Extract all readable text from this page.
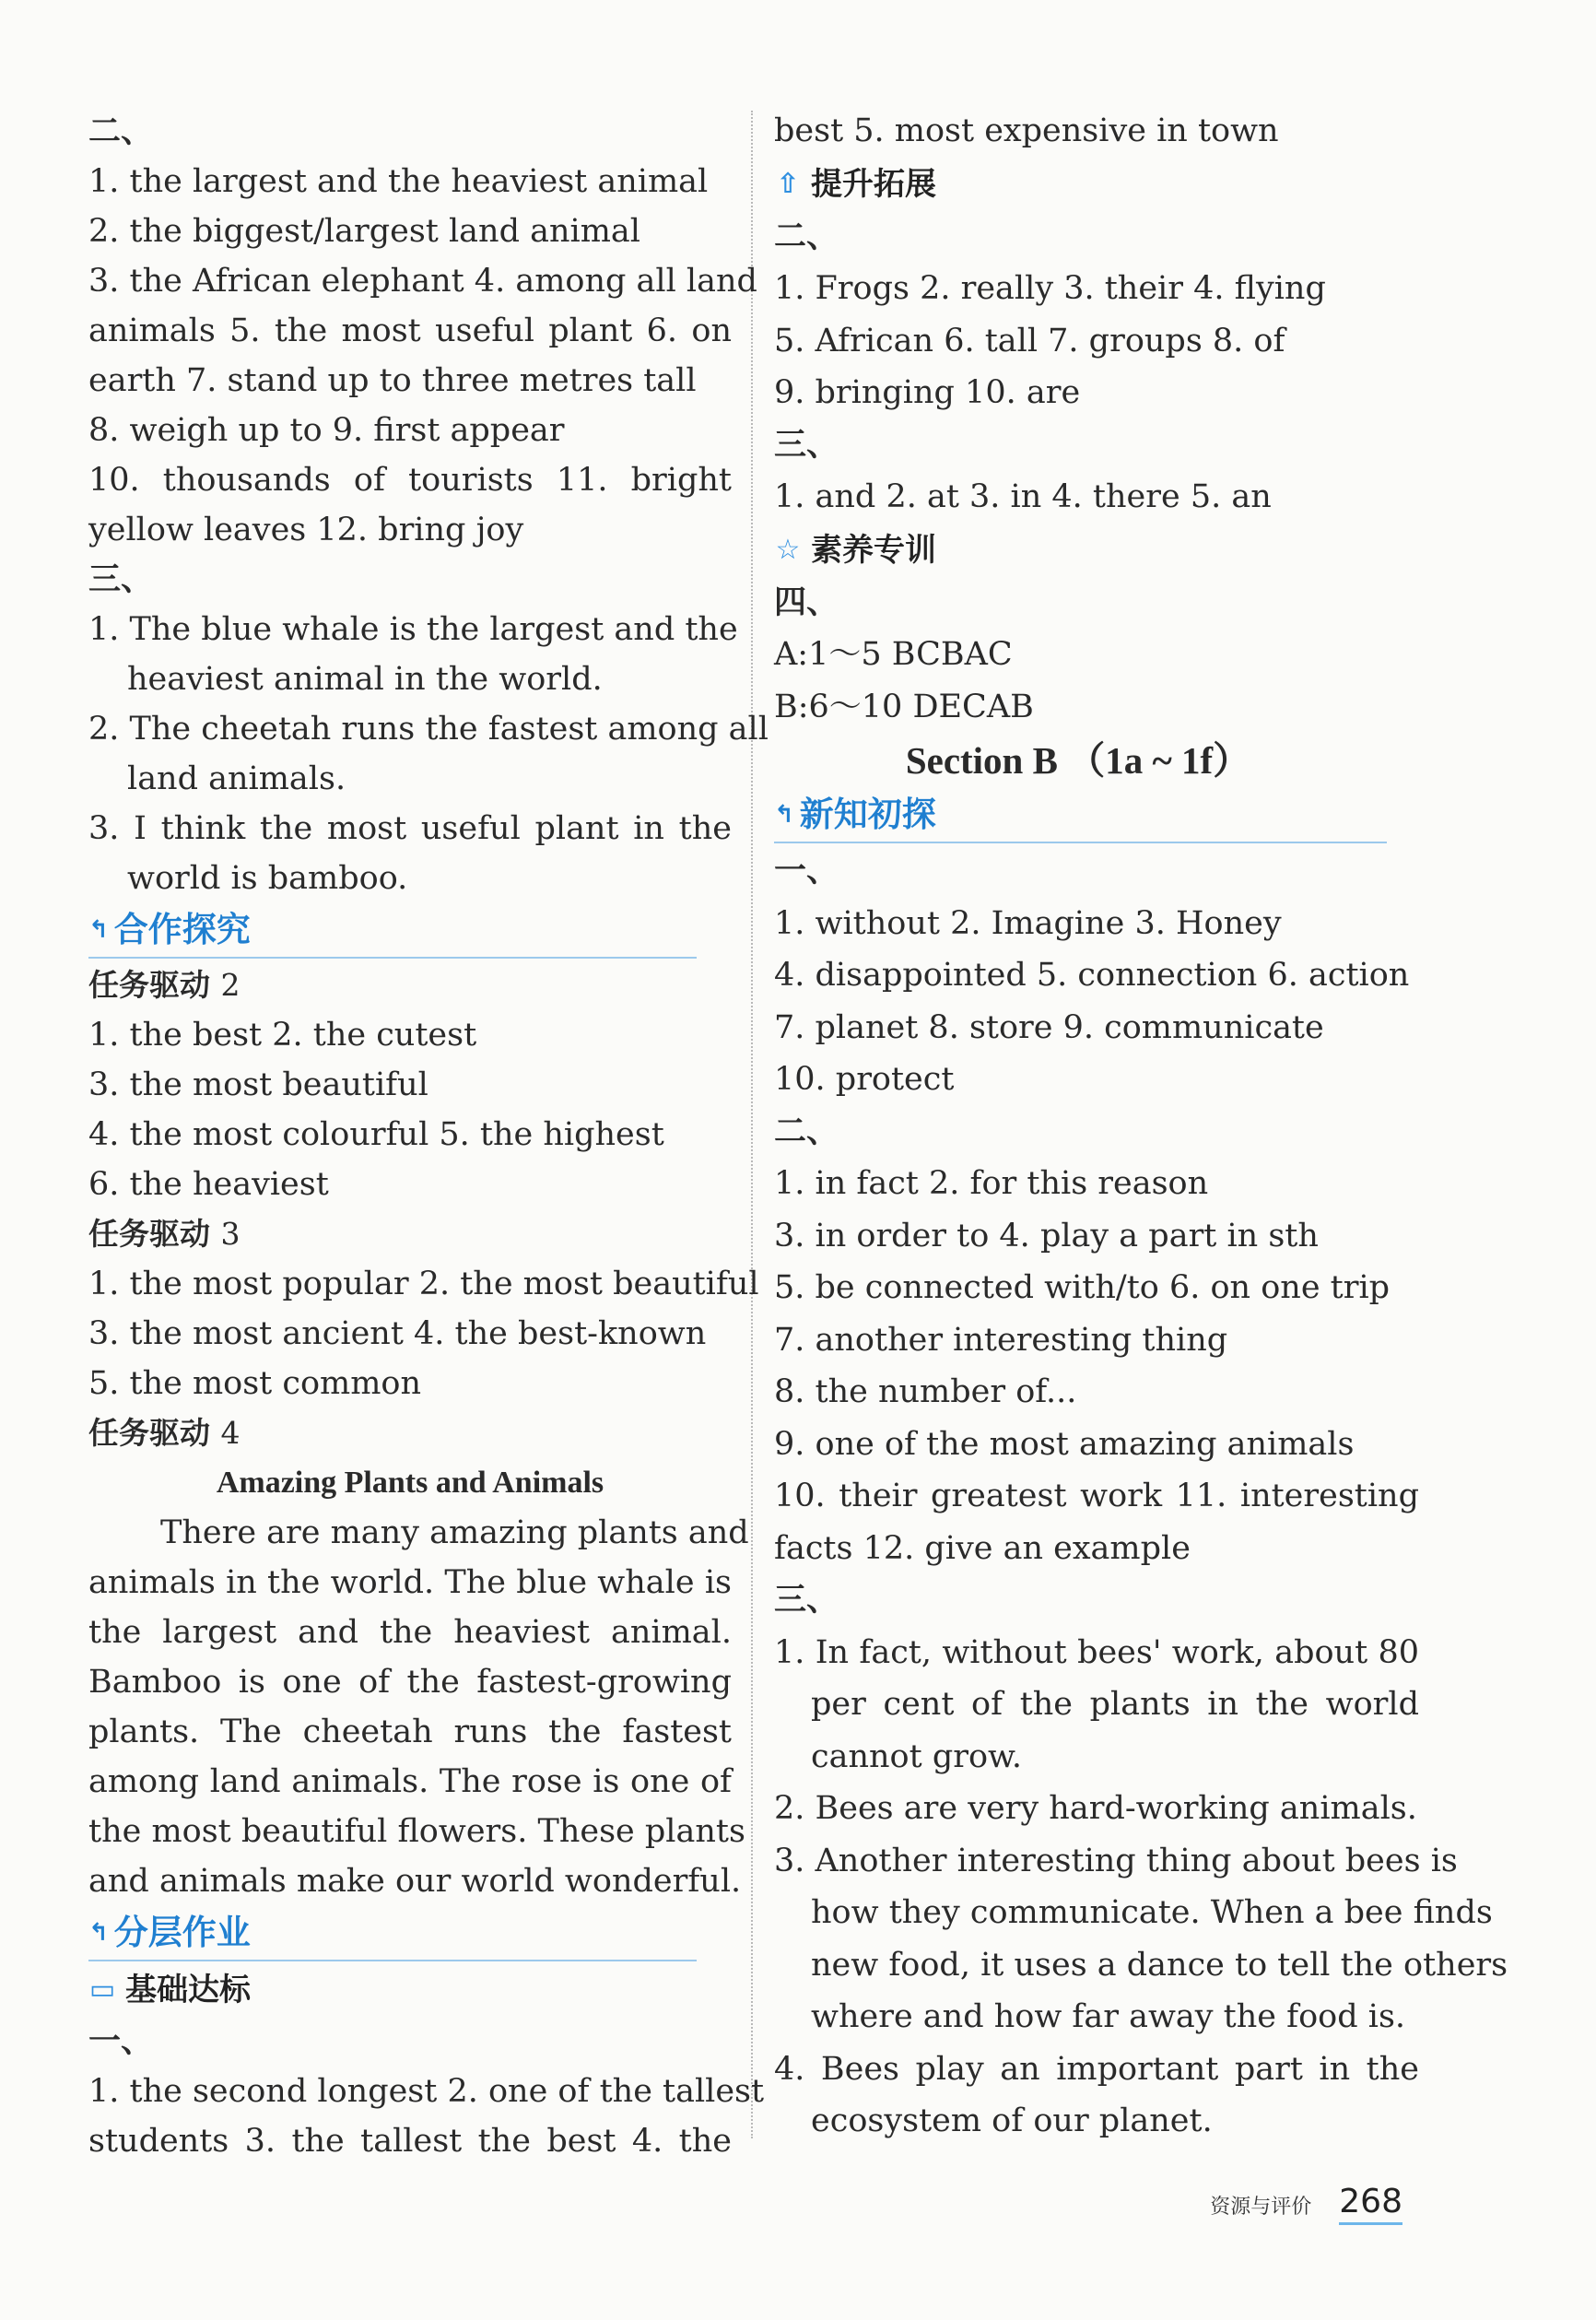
二、
1. the largest and the heaviest animal
2. the biggest/largest land animal
3. the African elephant 4. among all land
animals 5. the most useful plant 6. on
earth 7. stand up to three metres tall
8. weigh up to 9. first appear
10. thousands of tourists 11. bright
yellow leaves 12. bring joy
三、
1. The blue whale is the largest and the
heaviest animal in the world.
2. The cheetah runs the fastest among all
land animals.
3. I think the most useful plant in the
world is bamboo.
↰ 合作探究
任务驱动 2
1. the best 2. the cutest
3. the most beautiful
4. the most colourful 5. the highest
6. the heaviest
任务驱动 3
1. the most popular 2. the most beautiful
3. the most ancient 4. the best-known
5. the most common
任务驱动 4
Amazing Plants and Animals
There are many amazing plants and
animals in the world. The blue whale is
the largest and the heaviest animal.
Bamboo is one of the fastest-growing
plants. The cheetah runs the fastest
among land animals. The rose is one of
the most beautiful flowers. These plants
and animals make our world wonderful.
↰ 分层作业
▭ 基础达标
一、
1. the second longest 2. one of the tallest
students 3. the tallest the best 4. the
best 5. most expensive in town
⇧ 提升拓展
二、
1. Frogs 2. really 3. their 4. flying
5. African 6. tall 7. groups 8. of
9. bringing 10. are
三、
1. and 2. at 3. in 4. there 5. an
☆ 素养专训
四、
A:1～5 BCBAC
B:6～10 DECAB
Section B （1a ~ 1f）
↰ 新知初探
一、
1. without 2. Imagine 3. Honey
4. disappointed 5. connection 6. action
7. planet 8. store 9. communicate
10. protect
二、
1. in fact 2. for this reason
3. in order to 4. play a part in sth
5. be connected with/to 6. on one trip
7. another interesting thing
8. the number of...
9. one of the most amazing animals
10. their greatest work 11. interesting
facts 12. give an example
三、
1. In fact, without bees' work, about 80
per cent of the plants in the world
cannot grow.
2. Bees are very hard-working animals.
3. Another interesting thing about bees is
how they communicate. When a bee finds
new food, it uses a dance to tell the others
where and how far away the food is.
4. Bees play an important part in the
ecosystem of our planet.
资源与评价 268
